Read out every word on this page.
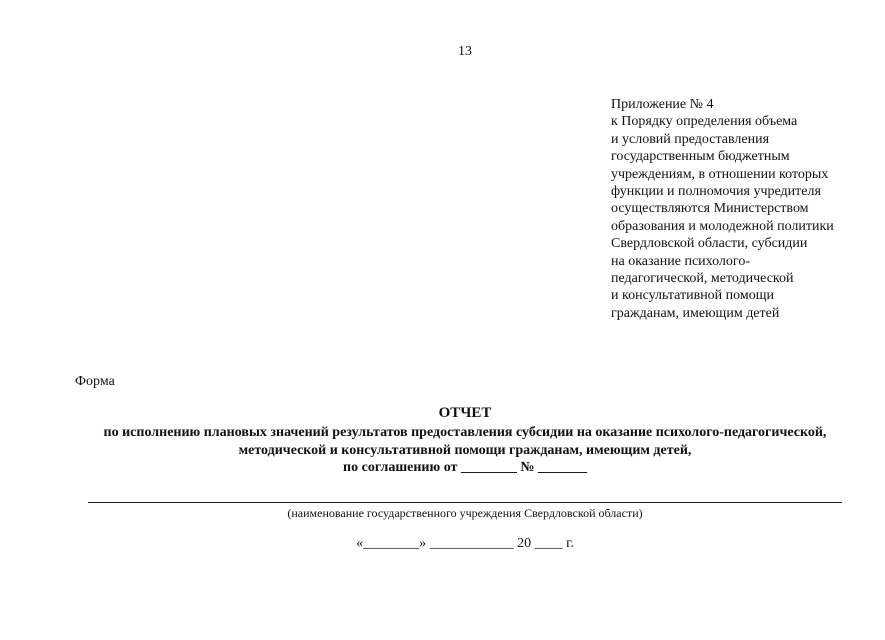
13
Приложение № 4
к Порядку определения объема
и условий предоставления
государственным бюджетным
учреждениям, в отношении которых
функции и полномочия учредителя
осуществляются Министерством
образования и молодежной политики
Свердловской области, субсидии
на оказание психолого-
педагогической, методической
и консультативной помощи
гражданам, имеющим детей
Форма
ОТЧЕТ
по исполнению плановых значений результатов предоставления субсидии на оказание психолого-педагогической,
методической и консультативной помощи гражданам, имеющим детей,
по соглашению от ________ № _______
(наименование государственного учреждения Свердловской области)
«________» ____________ 20 ____ г.
